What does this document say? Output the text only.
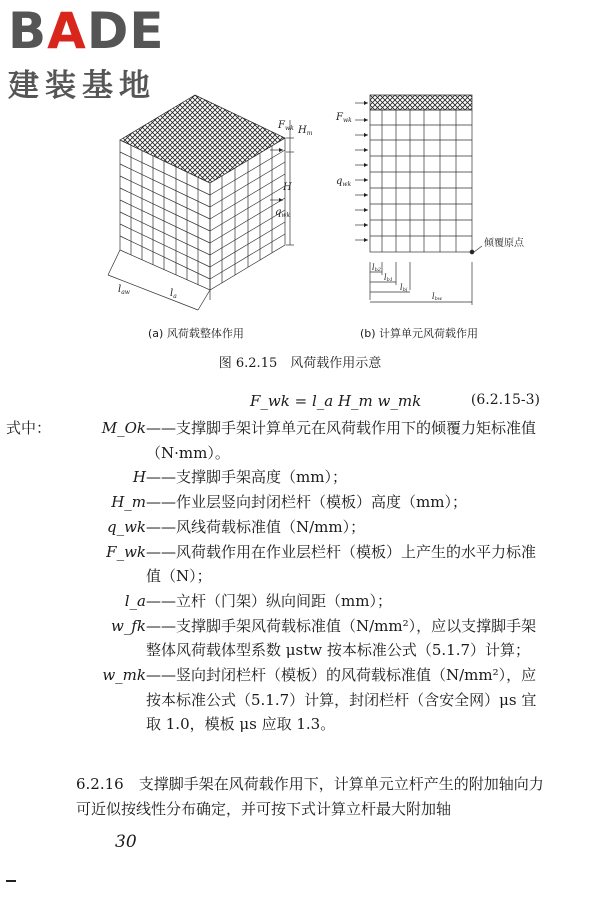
BADE
建装基地
$F_{wk}$ $H_m$
H
$q_{wk}$
$l_{aw}$	$l_a$
$F_{wk}$
$q_{wk}$
lb2
lb1
lbj
lbw
倾覆原点
(a) 风荷载整体作用	(b) 计算单元风荷载作用
图 6.2.15　风荷载作用示意
F_wk = l_a H_m w_mk	(6.2.15-3)
式中：	M_Ok ——支撑脚手架计算单元在风荷载作用下的倾覆力矩标准值（N·mm）。
H ——支撑脚手架高度（mm）；
H_m ——作业层竖向封闭栏杆（模板）高度（mm）；
q_wk ——风线荷载标准值（N/mm）；
F_wk ——风荷载作用在作业层栏杆（模板）上产生的水平力标准值（N）；
l_a ——立杆（门架）纵向间距（mm）；
w_fk ——支撑脚手架风荷载标准值（N/mm²），应以支撑脚手架整体风荷载体型系数 μstw 按本标准公式（5.1.7）计算；
w_mk ——竖向封闭栏杆（模板）的风荷载标准值（N/mm²），应按本标准公式（5.1.7）计算，封闭栏杆（含安全网）μs 宜取 1.0，模板 μs 应取 1.3。
6.2.16　支撑脚手架在风荷载作用下，计算单元立杆产生的附加轴向力可近似按线性分布确定，并可按下式计算立杆最大附加轴
30
